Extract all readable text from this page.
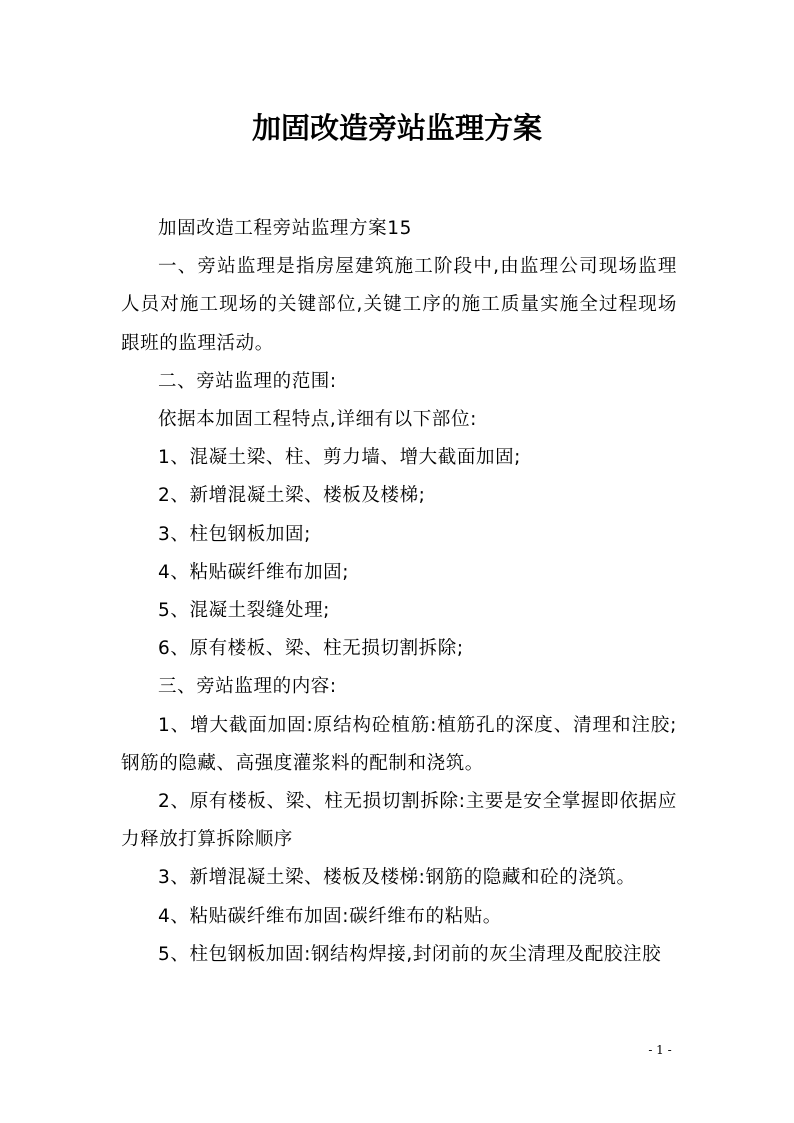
加固改造旁站监理方案

加固改造工程旁站监理方案15

一、旁站监理是指房屋建筑施工阶段中,由监理公司现场监理人员对施工现场的关键部位,关键工序的施工质量实施全过程现场跟班的监理活动。

二、旁站监理的范围:

依据本加固工程特点,详细有以下部位:

1、混凝土梁、柱、剪力墙、增大截面加固;

2、新增混凝土梁、楼板及楼梯;

3、柱包钢板加固;

4、粘贴碳纤维布加固;

5、混凝土裂缝处理;

6、原有楼板、梁、柱无损切割拆除;

三、旁站监理的内容:

1、增大截面加固:原结构砼植筋:植筋孔的深度、清理和注胶;钢筋的隐藏、高强度灌浆料的配制和浇筑。

2、原有楼板、梁、柱无损切割拆除:主要是安全掌握即依据应力释放打算拆除顺序

3、新增混凝土梁、楼板及楼梯:钢筋的隐藏和砼的浇筑。

4、粘贴碳纤维布加固:碳纤维布的粘贴。

5、柱包钢板加固:钢结构焊接,封闭前的灰尘清理及配胶注胶

- 1 -
